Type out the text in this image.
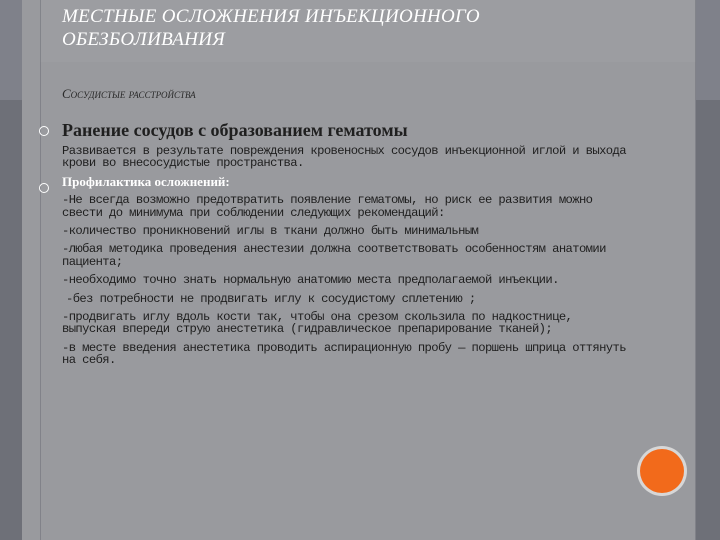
МЕСТНЫЕ ОСЛОЖНЕНИЯ ИНЪЕКЦИОННОГО
ОБЕЗБОЛИВАНИЯ
Сосудистые расстройства
Ранение сосудов с образованием гематомы

Развивается в результате повреждения кровеносных сосудов инъекционной иглой и выхода крови во внесосудистые пространства.

Профилактика осложнений:

-Не всегда возможно предотвратить появление гематомы, но риск ее развития можно свести до минимума при соблюдении следующих рекомендаций:

-количество проникновений иглы в ткани должно быть минимальным

-любая методика проведения анестезии должна соответствовать особенностям анатомии пациента;

-необходимо точно знать нормальную анатомию места предполагаемой инъекции.

-без потребности не продвигать иглу к сосудистому сплетению ;

-продвигать иглу вдоль кости так, чтобы она срезом скользила по надкостнице, выпуская впереди струю анестетика (гидравлическое препарирование тканей);

-в месте введения анестетика проводить аспирационную пробу — поршень шприца оттянуть на себя.
